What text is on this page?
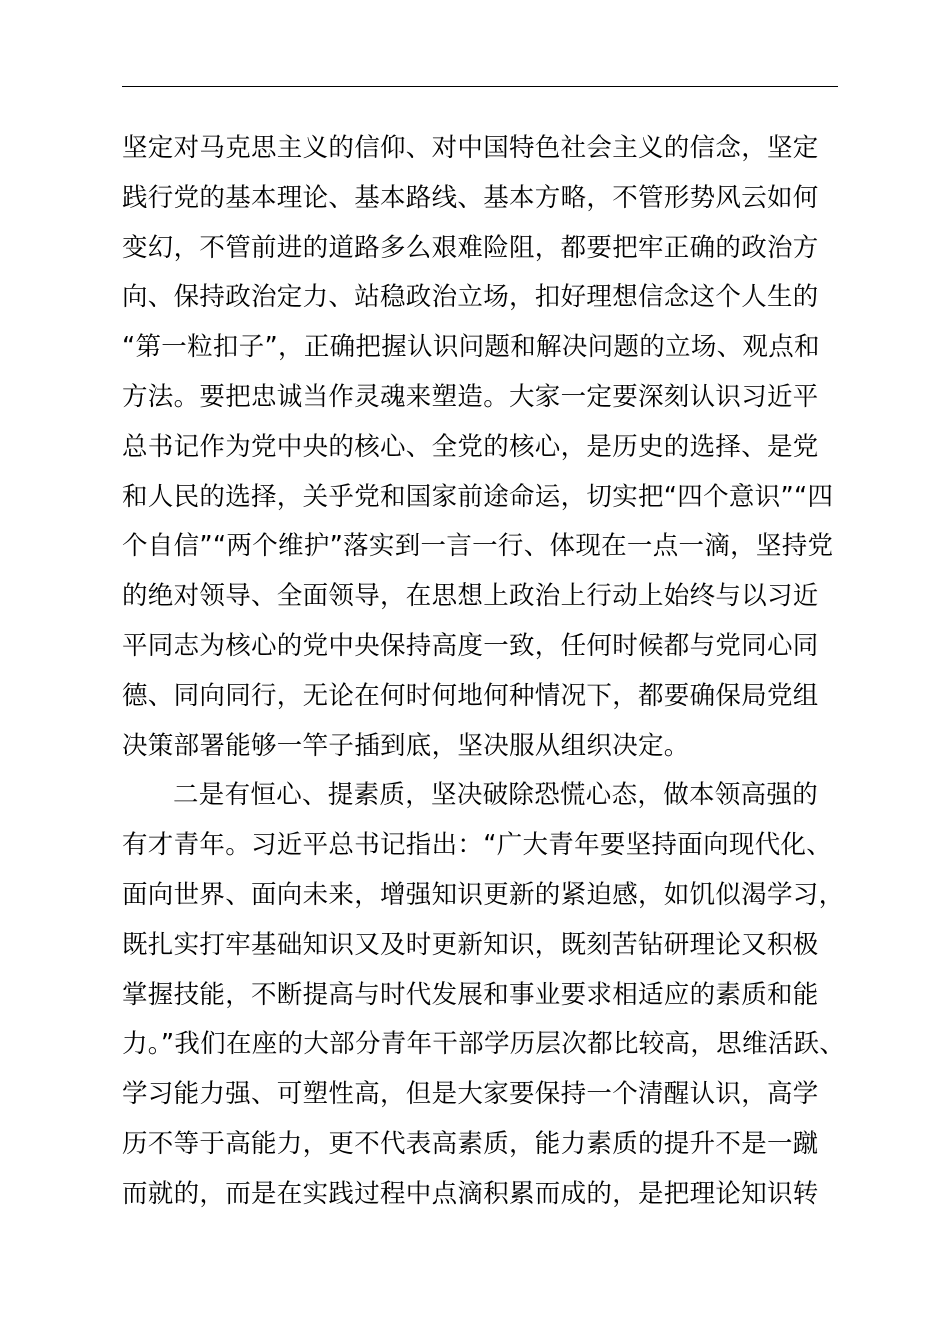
坚定对马克思主义的信仰、对中国特色社会主义的信念，坚定
践行党的基本理论、基本路线、基本方略，不管形势风云如何
变幻，不管前进的道路多么艰难险阻，都要把牢正确的政治方
向、保持政治定力、站稳政治立场，扣好理想信念这个人生的
“第一粒扣子”，正确把握认识问题和解决问题的立场、观点和
方法。要把忠诚当作灵魂来塑造。大家一定要深刻认识习近平
总书记作为党中央的核心、全党的核心，是历史的选择、是党
和人民的选择，关乎党和国家前途命运，切实把“四个意识”“四
个自信”“两个维护”落实到一言一行、体现在一点一滴，坚持党
的绝对领导、全面领导，在思想上政治上行动上始终与以习近
平同志为核心的党中央保持高度一致，任何时候都与党同心同
德、同向同行，无论在何时何地何种情况下，都要确保局党组
决策部署能够一竿子插到底，坚决服从组织决定。
二是有恒心、提素质，坚决破除恐慌心态，做本领高强的
有才青年。习近平总书记指出：“广大青年要坚持面向现代化、
面向世界、面向未来，增强知识更新的紧迫感，如饥似渴学习，
既扎实打牢基础知识又及时更新知识，既刻苦钻研理论又积极
掌握技能，不断提高与时代发展和事业要求相适应的素质和能
力。”我们在座的大部分青年干部学历层次都比较高，思维活跃、
学习能力强、可塑性高，但是大家要保持一个清醒认识，高学
历不等于高能力，更不代表高素质，能力素质的提升不是一蹴
而就的，而是在实践过程中点滴积累而成的，是把理论知识转
